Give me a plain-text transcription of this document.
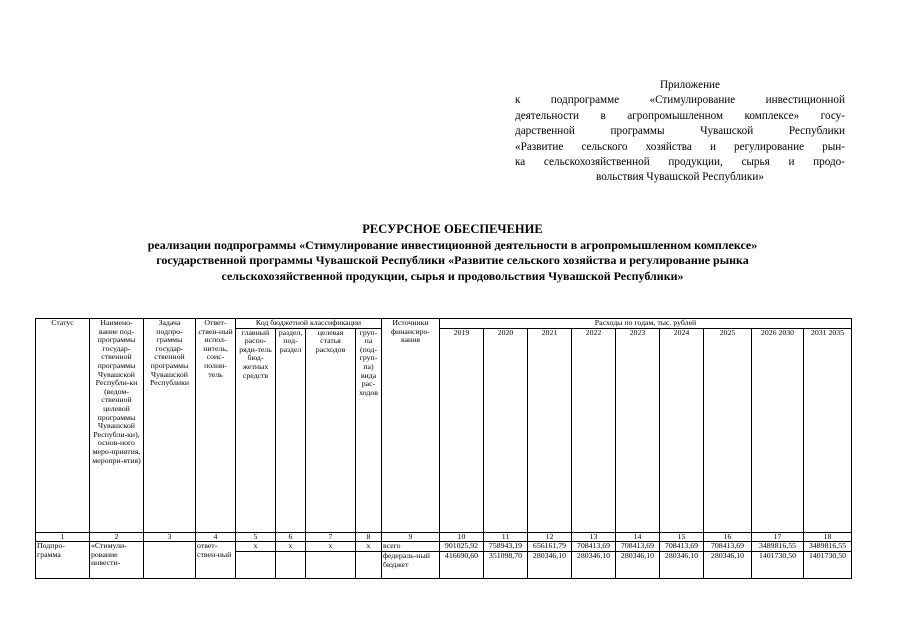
Приложение
к подпрограмме «Стимулирование инвестиционной
деятельности в агропромышленном комплексе» госу-
дарственной программы Чувашской Республики
«Развитие сельского хозяйства и регулирование рын-
ка сельскохозяйственной продукции, сырья и продо-
вольствия Чувашской Республики»
РЕСУРСНОЕ ОБЕСПЕЧЕНИЕ
реализации подпрограммы «Стимулирование инвестиционной деятельности в агропромышленном комплексе»
государственной программы Чувашской Республики «Развитие сельского хозяйства и регулирование рынка
сельскохозяйственной продукции, сырья и продовольствия Чувашской Республики»
Статус	Наимено-вание под-программы государ-ственной программы Чувашской Республи-ки (ведом-ственной целевой программы Чувашской Республи-ки), основ-ного меро-приятия, меропри-ятия)	Задача подпро-граммы государ-ственной программы Чувашской Республики	Ответ-ствен-ный испол-нитель, соис-полни-тель	Код бюджетной классификации				Источники финансиро-вания	Расходы по годам, тыс. рублей								
				главный распо-ряди-тель бюд-жетных средств	раздел, под-раздел	целевая статья расходов	груп-па (под-груп-па) вида рас-ходов		2019	2020	2021	2022	2023	2024	2025	2026 2030	2031 2035
1	2	3	4	5	6	7	8	9	10	11	12	13	14	15	16	17	18
Подпро-грамма	«Стимули-рование инвести-		ответ-ствен-ный	x	x	x	x	всего	901025,92	758943,19	656161,79	708413,69	708413,69	708413,69	708413,69	3489816,55	3489816,55
								федераль-ный бюджет	416690,60	351098,70	280346,10	280346,10	280346,10	280346,10	280346,10	1401730,50	1401730,50
